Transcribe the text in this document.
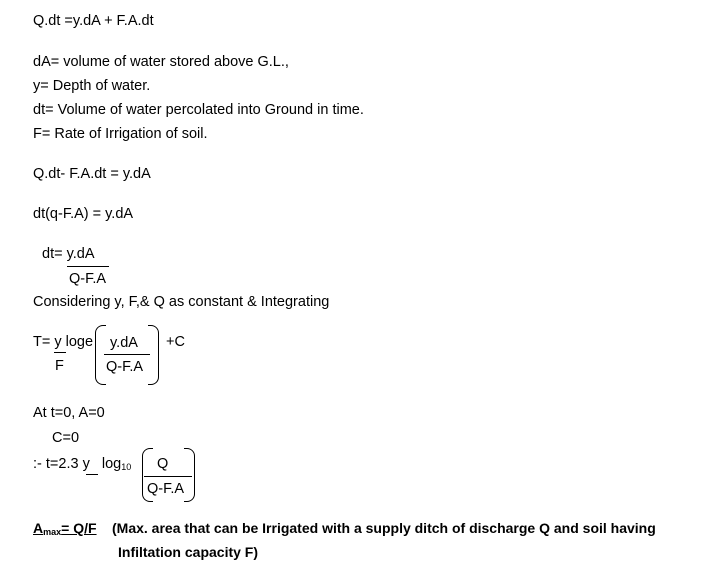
Q.dt =y.dA + F.A.dt
dA= volume of water stored above G.L.,
y= Depth of water.
dt= Volume of water percolated into Ground in time.
F= Rate of Irrigation of soil.
Q.dt- F.A.dt = y.dA
dt(q-F.A) = y.dA
dt= y.dA
Q-F.A
Considering y, F,& Q as constant & Integrating
T= y loge
F
y.dA
Q-F.A
+C
At t=0, A=0
C=0
:- t=2.3 y log10 Q
Q-F.A
Amax= Q/F (Max. area that can be Irrigated with a supply ditch of discharge Q and soil having
Infiltation capacity F)
